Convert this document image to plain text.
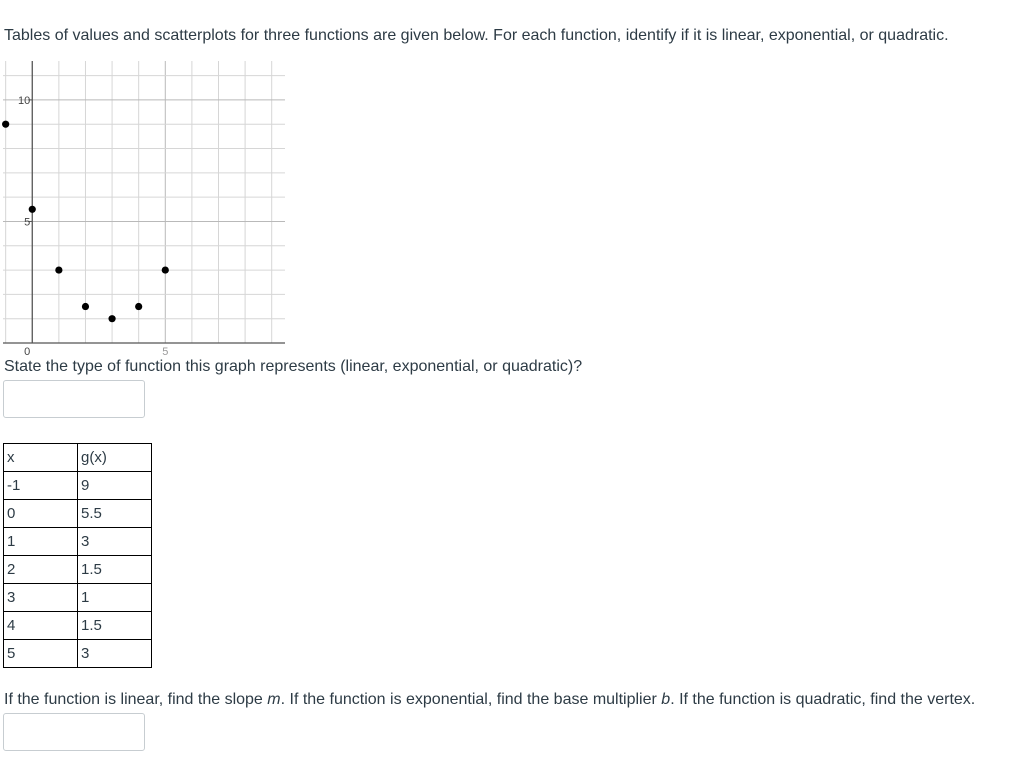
Tables of values and scatterplots for three functions are given below. For each function, identify if it is linear, exponential, or quadratic.

10
5
0	5

State the type of function this graph represents (linear, exponential, or quadratic)?

x	g(x)
-1	9
0	5.5
1	3
2	1.5
3	1
4	1.5
5	3

If the function is linear, find the slope m. If the function is exponential, find the base multiplier b. If the function is quadratic, find the vertex.
